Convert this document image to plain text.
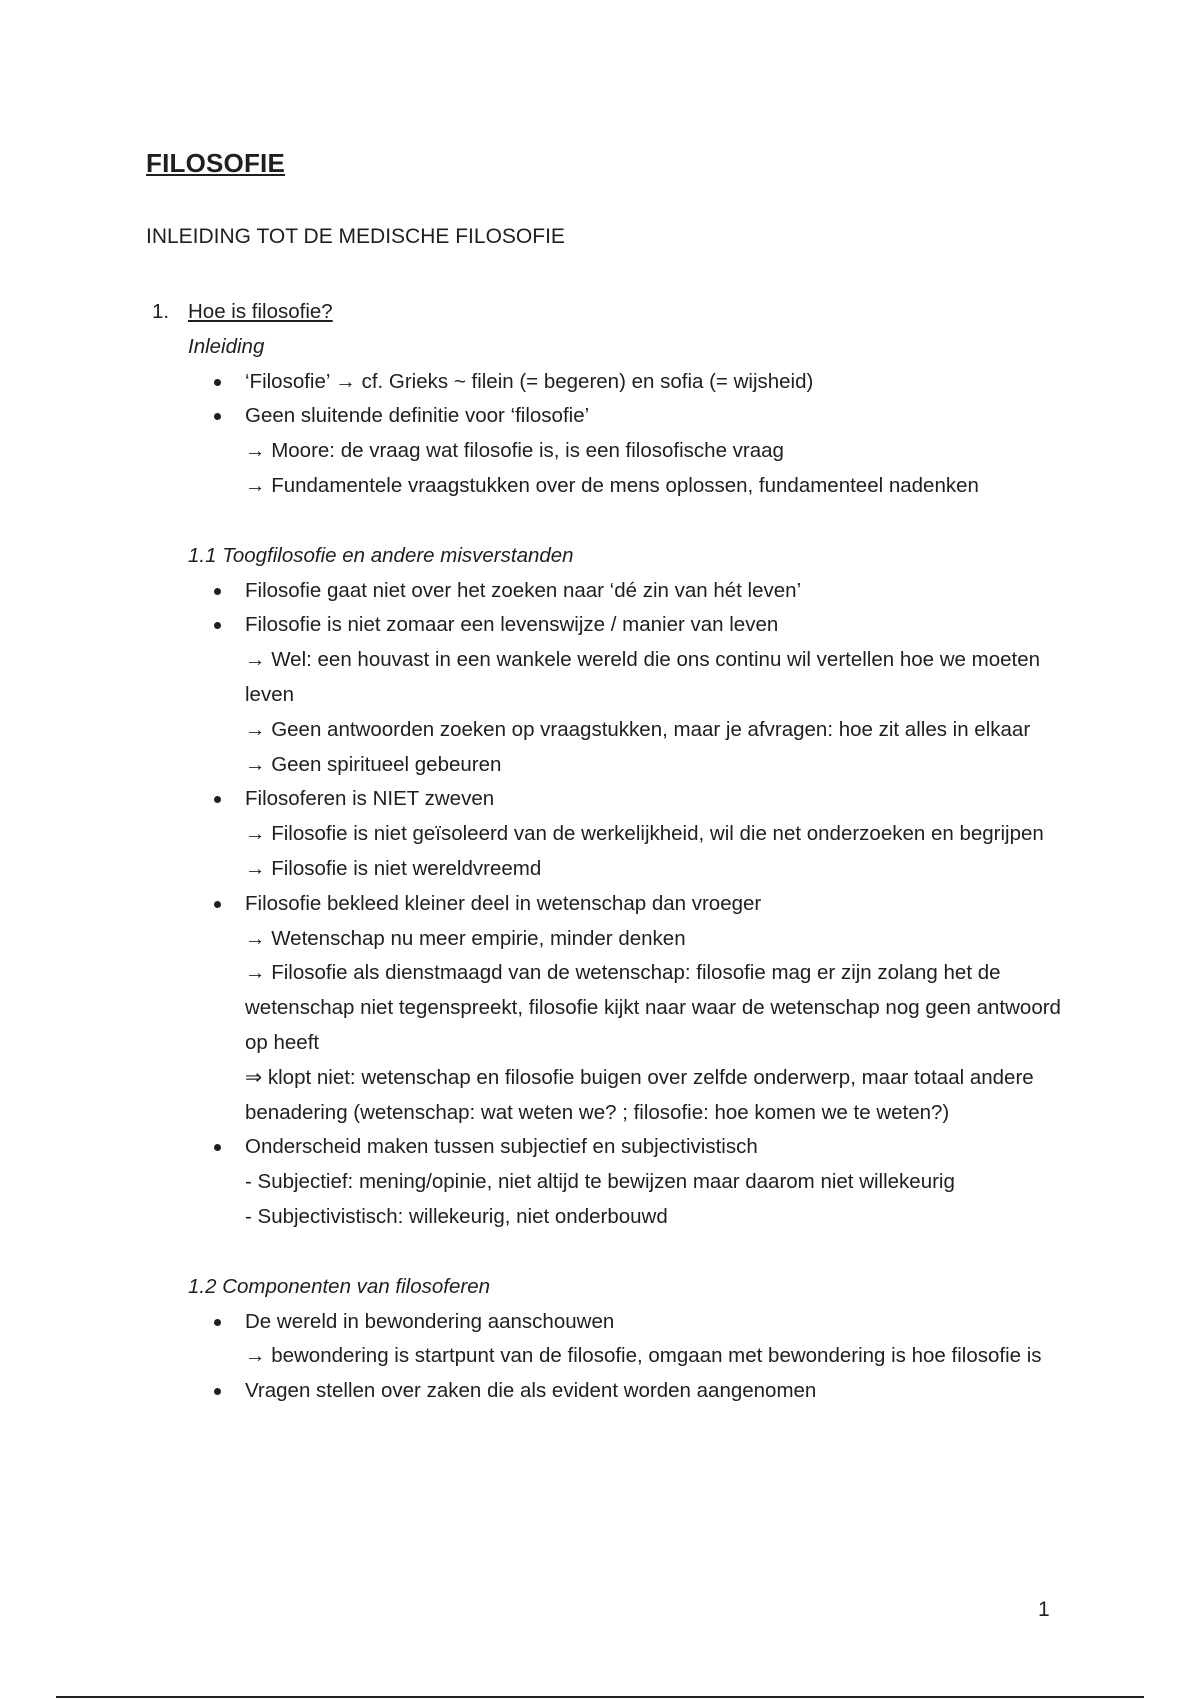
FILOSOFIE
INLEIDING TOT DE MEDISCHE FILOSOFIE
1. Hoe is filosofie?
Inleiding
‘Filosofie’ → cf. Grieks ~ filein (= begeren) en sofia (= wijsheid)
Geen sluitende definitie voor ‘filosofie’
→ Moore: de vraag wat filosofie is, is een filosofische vraag
→ Fundamentele vraagstukken over de mens oplossen, fundamenteel nadenken
1.1 Toogfilosofie en andere misverstanden
Filosofie gaat niet over het zoeken naar ‘dé zin van hét leven’
Filosofie is niet zomaar een levenswijze / manier van leven
→ Wel: een houvast in een wankele wereld die ons continu wil vertellen hoe we moeten leven
→ Geen antwoorden zoeken op vraagstukken, maar je afvragen: hoe zit alles in elkaar
→ Geen spiritueel gebeuren
Filosoferen is NIET zweven
→ Filosofie is niet geïsoleerd van de werkelijkheid, wil die net onderzoeken en begrijpen
→ Filosofie is niet wereldvreemd
Filosofie bekleed kleiner deel in wetenschap dan vroeger
→ Wetenschap nu meer empirie, minder denken
→ Filosofie als dienstmaagd van de wetenschap: filosofie mag er zijn zolang het de wetenschap niet tegenspreekt, filosofie kijkt naar waar de wetenschap nog geen antwoord op heeft
⇒ klopt niet: wetenschap en filosofie buigen over zelfde onderwerp, maar totaal andere benadering (wetenschap: wat weten we? ; filosofie: hoe komen we te weten?)
Onderscheid maken tussen subjectief en subjectivistisch
- Subjectief: mening/opinie, niet altijd te bewijzen maar daarom niet willekeurig
- Subjectivistisch: willekeurig, niet onderbouwd
1.2 Componenten van filosoferen
De wereld in bewondering aanschouwen
→ bewondering is startpunt van de filosofie, omgaan met bewondering is hoe filosofie is
Vragen stellen over zaken die als evident worden aangenomen
1
